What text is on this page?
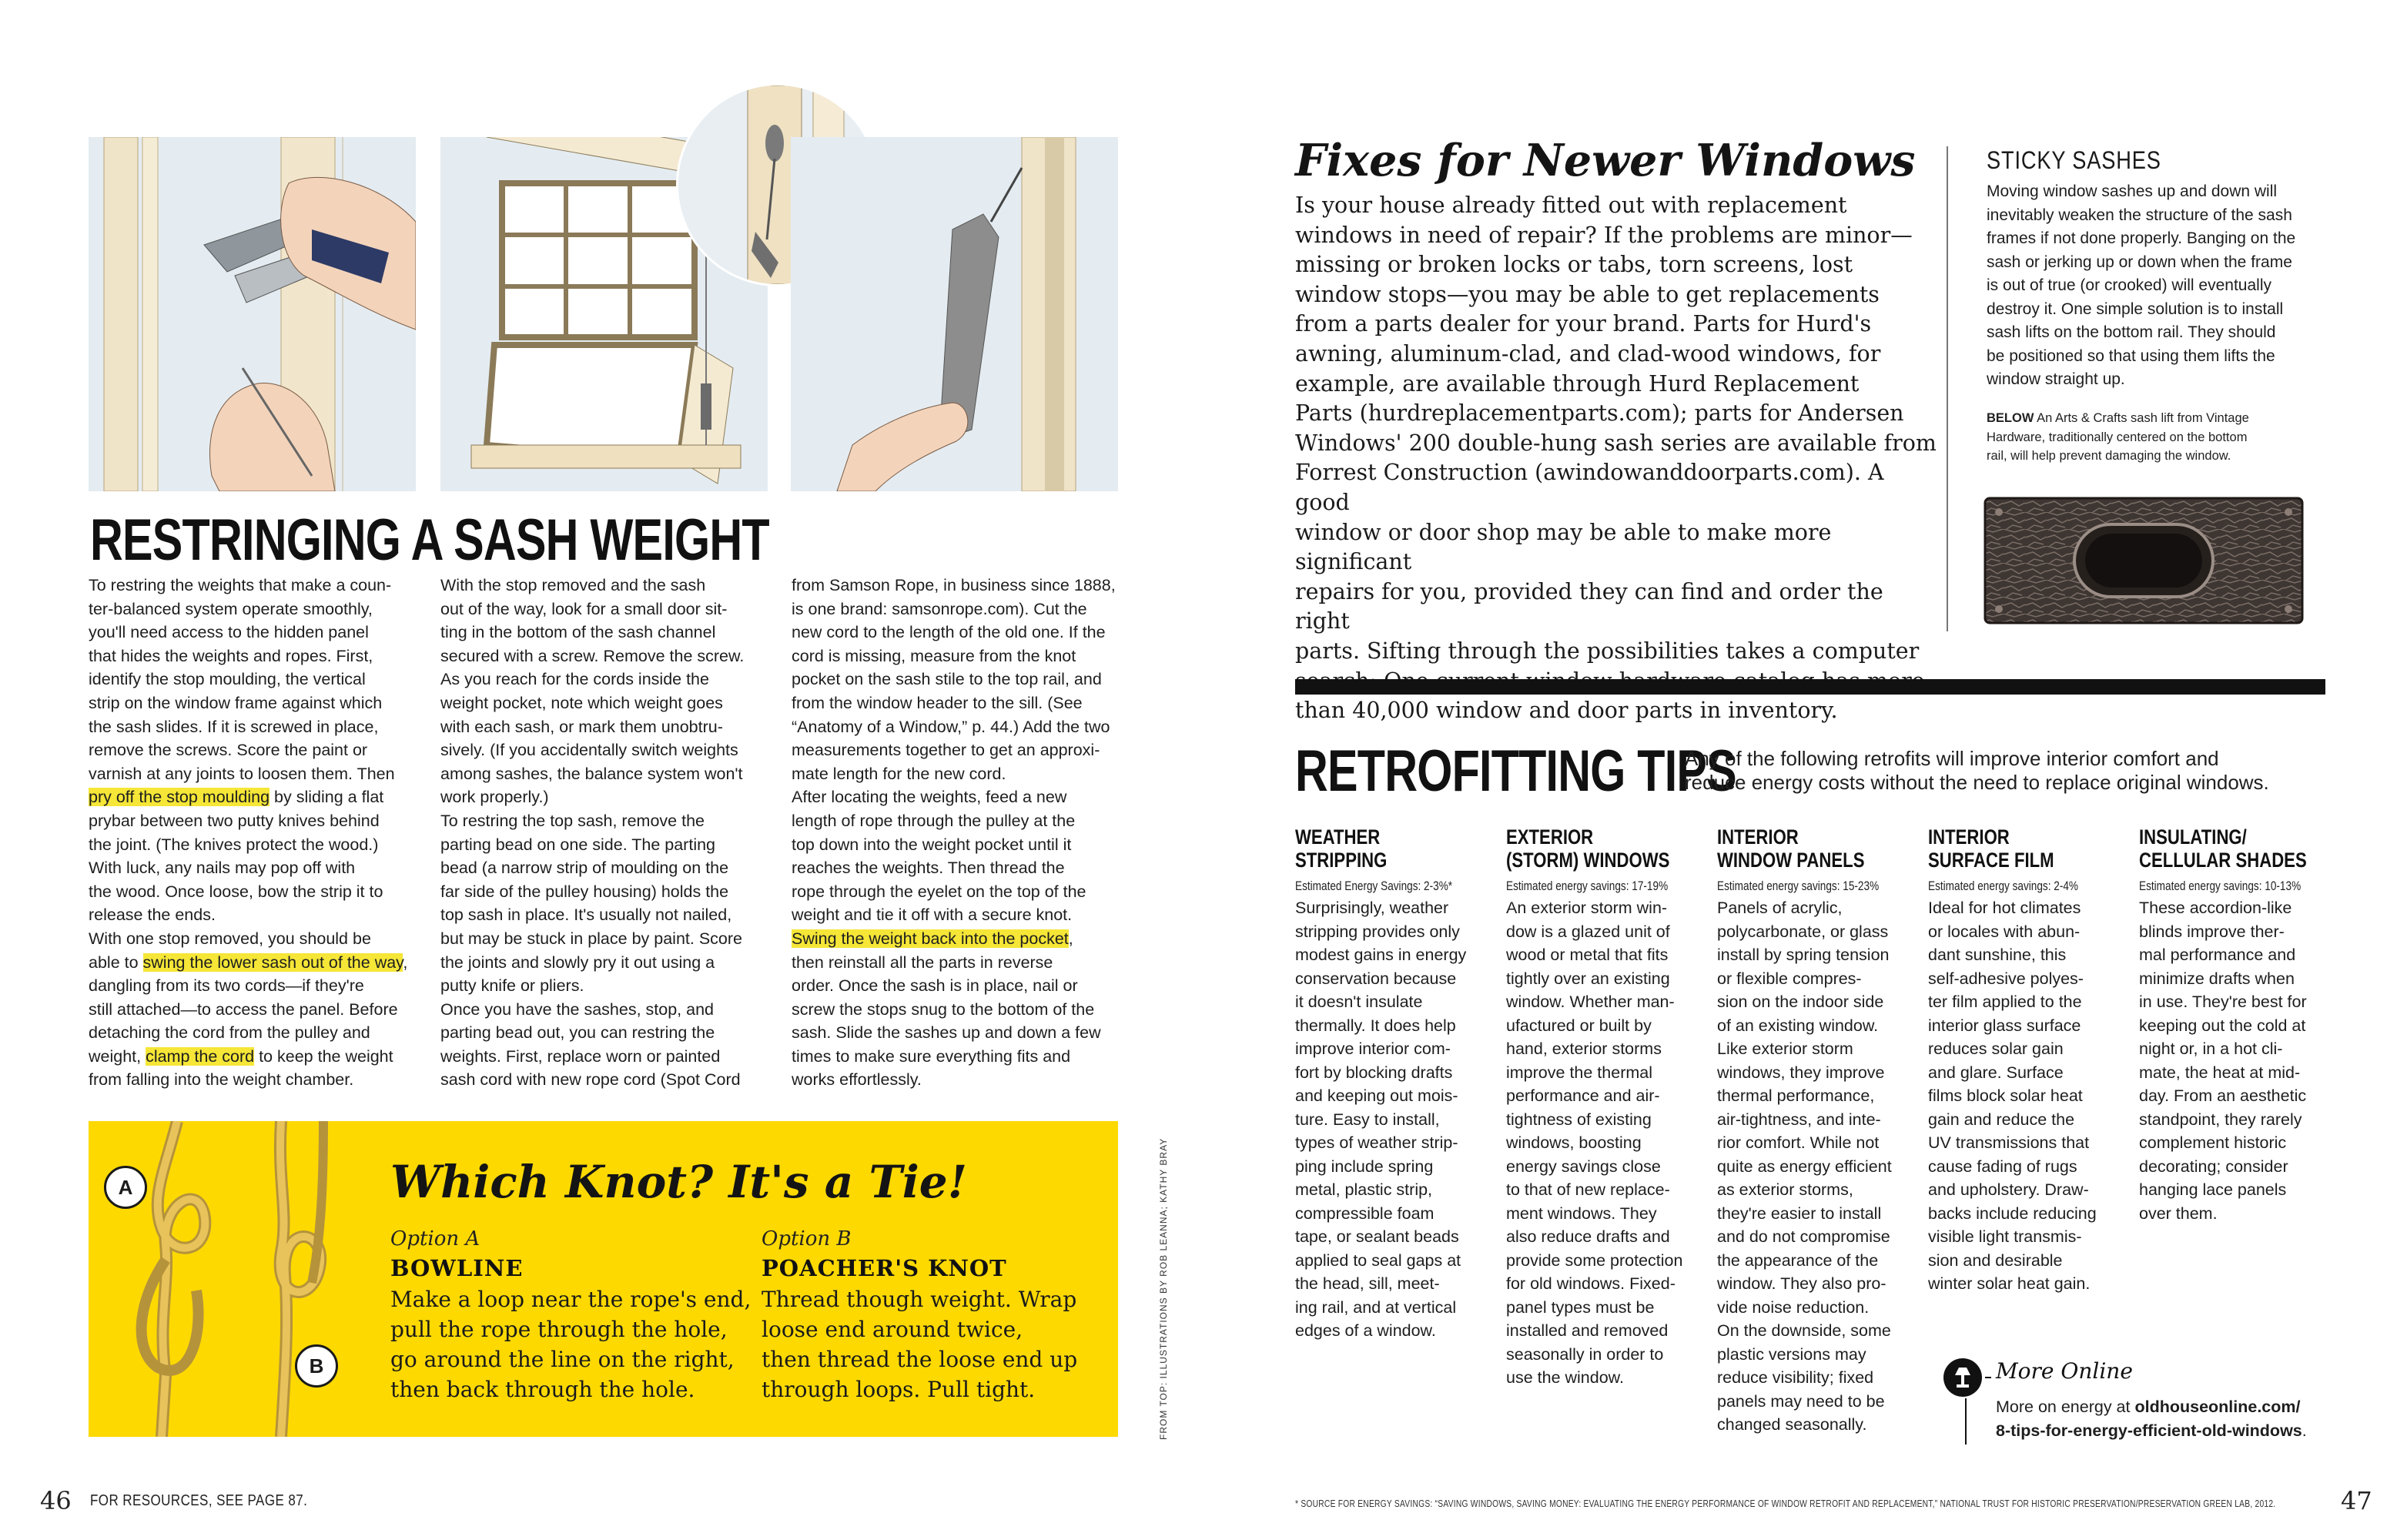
RESTRINGING A SASH WEIGHT
To restring the weights that make a coun-
ter-balanced system operate smoothly,
you'll need access to the hidden panel
that hides the weights and ropes. First,
identify the stop moulding, the vertical
strip on the window frame against which
the sash slides. If it is screwed in place,
remove the screws. Score the paint or
varnish at any joints to loosen them. Then
pry off the stop moulding by sliding a flat
prybar between two putty knives behind
the joint. (The knives protect the wood.)
With luck, any nails may pop off with
the wood. Once loose, bow the strip it to
release the ends.
With one stop removed, you should be
able to swing the lower sash out of the way,
dangling from its two cords—if they're
still attached—to access the panel. Before
detaching the cord from the pulley and
weight, clamp the cord to keep the weight
from falling into the weight chamber.
With the stop removed and the sash
out of the way, look for a small door sit-
ting in the bottom of the sash channel
secured with a screw. Remove the screw.
As you reach for the cords inside the
weight pocket, note which weight goes
with each sash, or mark them unobtru-
sively. (If you accidentally switch weights
among sashes, the balance system won't
work properly.)
To restring the top sash, remove the
parting bead on one side. The parting
bead (a narrow strip of moulding on the
far side of the pulley housing) holds the
top sash in place. It's usually not nailed,
but may be stuck in place by paint. Score
the joints and slowly pry it out using a
putty knife or pliers.
Once you have the sashes, stop, and
parting bead out, you can restring the
weights. First, replace worn or painted
sash cord with new rope cord (Spot Cord
from Samson Rope, in business since 1888,
is one brand: samsonrope.com). Cut the
new cord to the length of the old one. If the
cord is missing, measure from the knot
pocket on the sash stile to the top rail, and
from the window header to the sill. (See
“Anatomy of a Window,” p. 44.) Add the two
measurements together to get an approxi-
mate length for the new cord.
After locating the weights, feed a new
length of rope through the pulley at the
top down into the weight pocket until it
reaches the weights. Then thread the
rope through the eyelet on the top of the
weight and tie it off with a secure knot.
Swing the weight back into the pocket,
then reinstall all the parts in reverse
order. Once the sash is in place, nail or
screw the stops snug to the bottom of the
sash. Slide the sashes up and down a few
times to make sure everything fits and
works effortlessly.
A
B
Which Knot? It's a Tie!
Option A
BOWLINE
Make a loop near the rope's end,
pull the rope through the hole,
go around the line on the right,
then back through the hole.
Option B
POACHER'S KNOT
Thread though weight. Wrap
loose end around twice,
then thread the loose end up
through loops. Pull tight.	FROM TOP: ILLUSTRATIONS BY ROB LEANNA; KATHY BRAY
46 FOR RESOURCES, SEE PAGE 87.
Fixes for Newer Windows
Is your house already fitted out with replacement
windows in need of repair? If the problems are minor—
missing or broken locks or tabs, torn screens, lost
window stops—you may be able to get replacements
from a parts dealer for your brand. Parts for Hurd's
awning, aluminum-clad, and clad-wood windows, for
example, are available through Hurd Replacement
Parts (hurdreplacementparts.com); parts for Andersen
Windows' 200 double-hung sash series are available from
Forrest Construction (awindowanddoorparts.com). A good
window or door shop may be able to make more significant
repairs for you, provided they can find and order the right
parts. Sifting through the possibilities takes a computer

than 40,000 window and door parts in inventory.
STICKY SASHES
Moving window sashes up and down will
inevitably weaken the structure of the sash
frames if not done properly. Banging on the
sash or jerking up or down when the frame
is out of true (or crooked) will eventually
destroy it. One simple solution is to install
sash lifts on the bottom rail. They should
be positioned so that using them lifts the
window straight up.
BELOW An Arts & Crafts sash lift from Vintage
Hardware, traditionally centered on the bottom
rail, will help prevent damaging the window.
RETROFITTING TIPS
Any of the following retrofits will improve interior comfort and
reduce energy costs without the need to replace original windows.
WEATHER
STRIPPING
Estimated Energy Savings: 2-3%*
Surprisingly, weather
stripping provides only
modest gains in energy
conservation because
it doesn't insulate
thermally. It does help
improve interior com-
fort by blocking drafts
and keeping out mois-
ture. Easy to install,
types of weather strip-
ping include spring
metal, plastic strip,
compressible foam
tape, or sealant beads
applied to seal gaps at
the head, sill, meet-
ing rail, and at vertical
edges of a window.
EXTERIOR
(STORM) WINDOWS
Estimated energy savings: 17-19%
An exterior storm win-
dow is a glazed unit of
wood or metal that fits
tightly over an existing
window. Whether man-
ufactured or built by
hand, exterior storms
improve the thermal
performance and air-
tightness of existing
windows, boosting
energy savings close
to that of new replace-
ment windows. They
also reduce drafts and
provide some protection
for old windows. Fixed-
panel types must be
installed and removed
seasonally in order to
use the window.
INTERIOR
WINDOW PANELS
Estimated energy savings: 15-23%
Panels of acrylic,
polycarbonate, or glass
install by spring tension
or flexible compres-
sion on the indoor side
of an existing window.
Like exterior storm
windows, they improve
thermal performance,
air-tightness, and inte-
rior comfort. While not
quite as energy efficient
as exterior storms,
they're easier to install
and do not compromise
the appearance of the
window. They also pro-
vide noise reduction.
On the downside, some
plastic versions may
reduce visibility; fixed
panels may need to be
changed seasonally.
INTERIOR
SURFACE FILM
Estimated energy savings: 2-4%
Ideal for hot climates
or locales with abun-
dant sunshine, this
self-adhesive polyes-
ter film applied to the
interior glass surface
reduces solar gain
and glare. Surface
films block solar heat
gain and reduce the
UV transmissions that
cause fading of rugs
and upholstery. Draw-
backs include reducing
visible light transmis-
sion and desirable
winter solar heat gain.
INSULATING/
CELLULAR SHADES
Estimated energy savings: 10-13%
These accordion-like
blinds improve ther-
mal performance and
minimize drafts when
in use. They're best for
keeping out the cold at
night or, in a hot cli-
mate, the heat at mid-
day. From an aesthetic
standpoint, they rarely
complement historic
decorating; consider
hanging lace panels
over them.
More Online
More on energy at oldhouseonline.com/
8-tips-for-energy-efficient-old-windows.
* SOURCE FOR ENERGY SAVINGS: “SAVING WINDOWS, SAVING MONEY: EVALUATING THE ENERGY PERFORMANCE OF WINDOW RETROFIT AND REPLACEMENT,” NATIONAL TRUST FOR HISTORIC PRESERVATION/PRESERVATION GREEN LAB, 2012.	47
